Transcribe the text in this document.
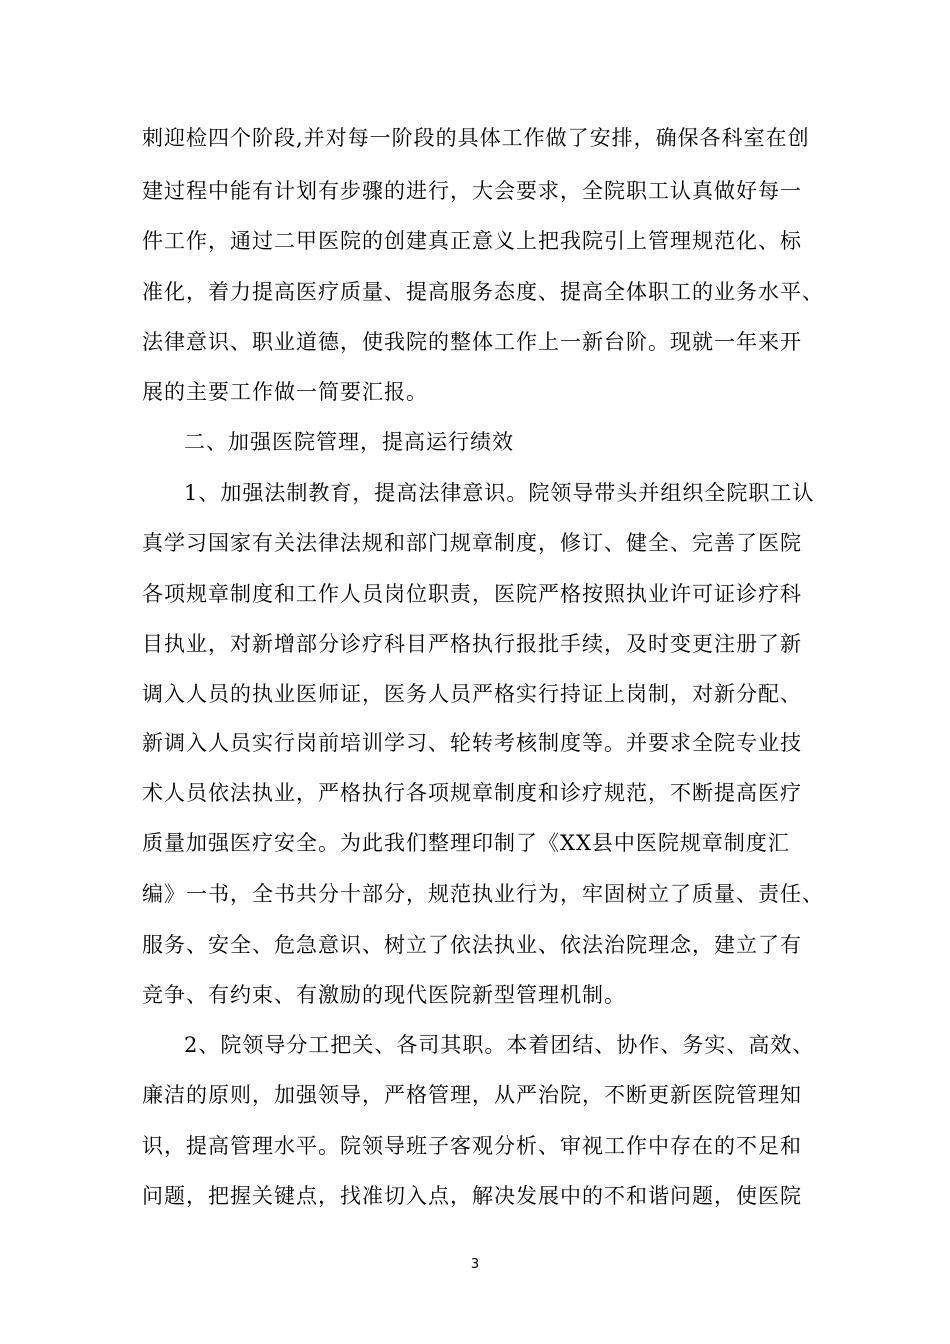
刺迎检四个阶段,并对每一阶段的具体工作做了安排，确保各科室在创
建过程中能有计划有步骤的进行，大会要求，全院职工认真做好每一
件工作，通过二甲医院的创建真正意义上把我院引上管理规范化、标
准化，着力提高医疗质量、提高服务态度、提高全体职工的业务水平、
法律意识、职业道德，使我院的整体工作上一新台阶。现就一年来开
展的主要工作做一简要汇报。
二、加强医院管理，提高运行绩效
1、加强法制教育，提高法律意识。院领导带头并组织全院职工认
真学习国家有关法律法规和部门规章制度，修订、健全、完善了医院
各项规章制度和工作人员岗位职责，医院严格按照执业许可证诊疗科
目执业，对新增部分诊疗科目严格执行报批手续，及时变更注册了新
调入人员的执业医师证，医务人员严格实行持证上岗制，对新分配、
新调入人员实行岗前培训学习、轮转考核制度等。并要求全院专业技
术人员依法执业，严格执行各项规章制度和诊疗规范，不断提高医疗
质量加强医疗安全。为此我们整理印制了《XX县中医院规章制度汇
编》一书，全书共分十部分，规范执业行为，牢固树立了质量、责任、
服务、安全、危急意识、树立了依法执业、依法治院理念，建立了有
竞争、有约束、有激励的现代医院新型管理机制。
2、院领导分工把关、各司其职。本着团结、协作、务实、高效、
廉洁的原则，加强领导，严格管理，从严治院，不断更新医院管理知
识，提高管理水平。院领导班子客观分析、审视工作中存在的不足和
问题，把握关键点，找准切入点，解决发展中的不和谐问题，使医院
3
